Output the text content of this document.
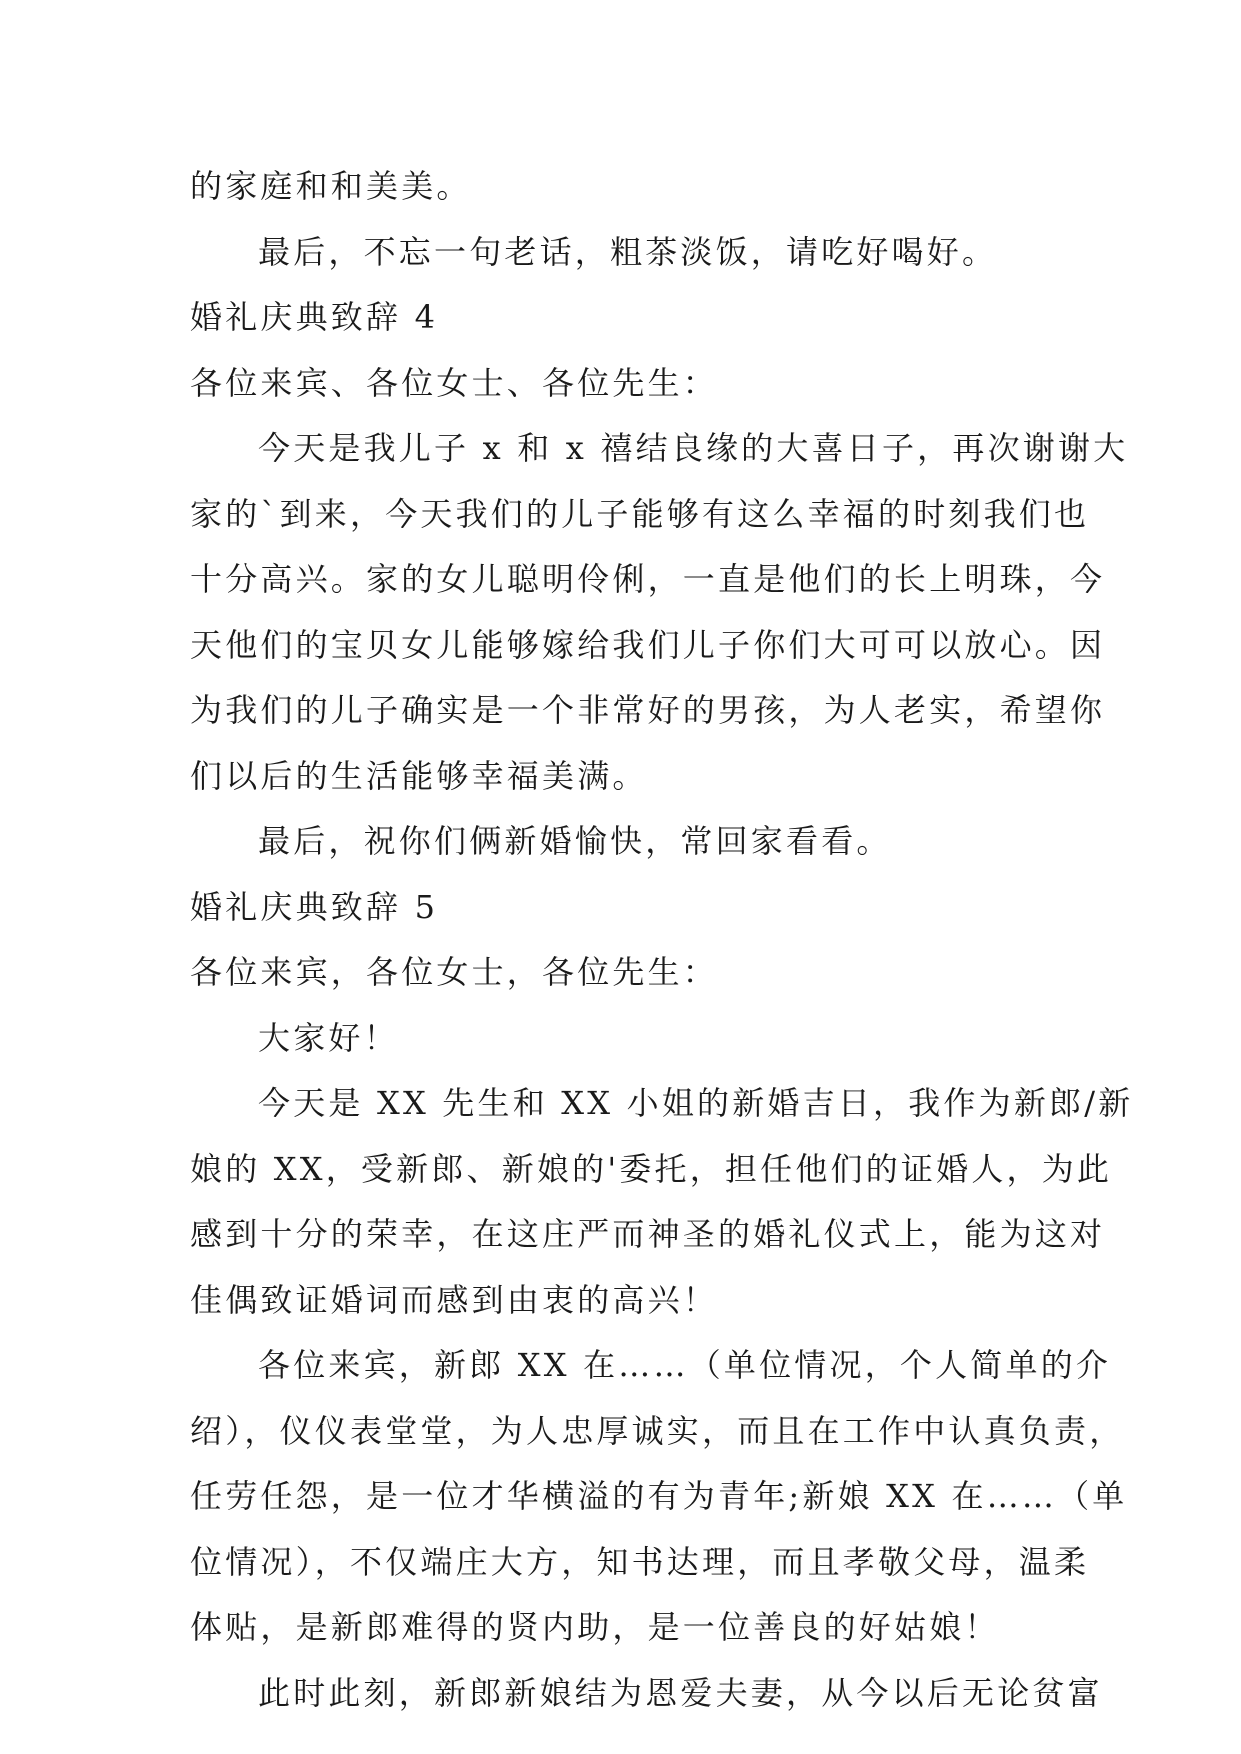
的家庭和和美美。
最后，不忘一句老话，粗茶淡饭，请吃好喝好。
婚礼庆典致辞 4
各位来宾、各位女士、各位先生：
今天是我儿子 x 和 x 禧结良缘的大喜日子，再次谢谢大
家的`到来，今天我们的儿子能够有这么幸福的时刻我们也
十分高兴。家的女儿聪明伶俐，一直是他们的长上明珠，今
天他们的宝贝女儿能够嫁给我们儿子你们大可可以放心。因
为我们的儿子确实是一个非常好的男孩，为人老实，希望你
们以后的生活能够幸福美满。
最后，祝你们俩新婚愉快，常回家看看。
婚礼庆典致辞 5
各位来宾，各位女士，各位先生：
大家好！
今天是 XX 先生和 XX 小姐的新婚吉日，我作为新郎/新
娘的 XX，受新郎、新娘的'委托，担任他们的证婚人，为此
感到十分的荣幸，在这庄严而神圣的婚礼仪式上，能为这对
佳偶致证婚词而感到由衷的高兴！
各位来宾，新郎 XX 在……（单位情况，个人简单的介
绍），仪仪表堂堂，为人忠厚诚实，而且在工作中认真负责，
任劳任怨，是一位才华横溢的有为青年;新娘 XX 在……（单
位情况），不仅端庄大方，知书达理，而且孝敬父母，温柔
体贴，是新郎难得的贤内助，是一位善良的好姑娘！
此时此刻，新郎新娘结为恩爱夫妻，从今以后无论贫富
